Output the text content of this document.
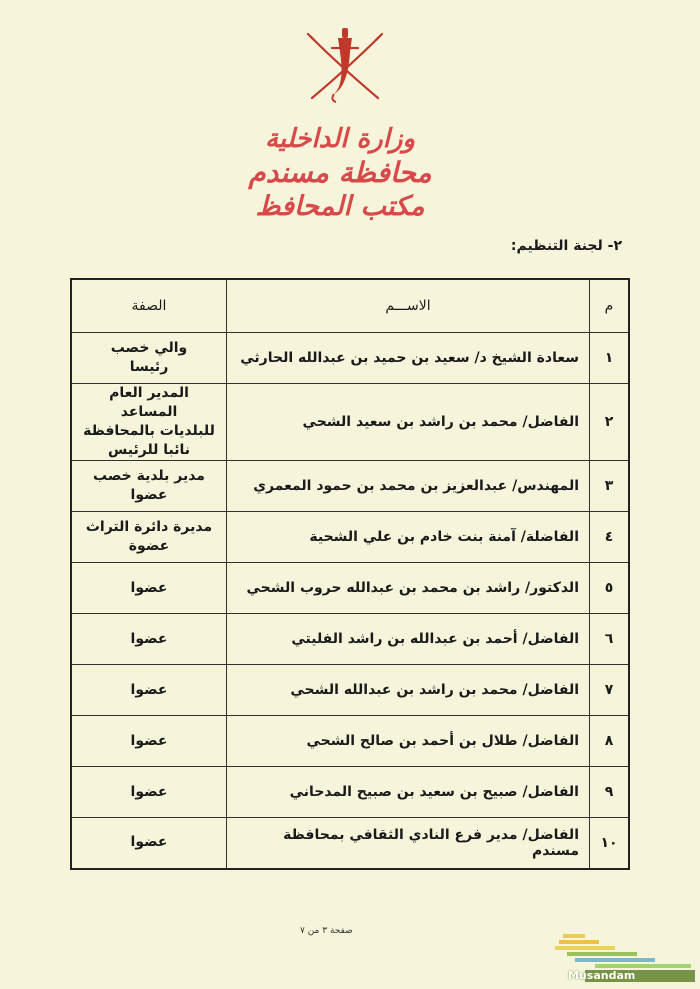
وزارة الداخلية
محافظة مسندم
مكتب المحافظ
٢- لجنة التنظيم:
م	الاســـم	الصفة
١	سعادة الشيخ د/ سعيد بن حميد بن عبدالله الحارثي	والي خصب
رئيسا

٢	الفاضل/ محمد بن راشد بن سعيد الشحي	المدير العام المساعد
للبلديات بالمحافظة
نائبا للرئيس

٣	المهندس/ عبدالعزيز بن محمد بن حمود المعمري	مدير بلدية خصب
عضوا

٤	الفاضلة/ آمنة بنت خادم بن علي الشحية	مديرة دائرة التراث
عضوة

٥	الدكتور/ راشد بن محمد بن عبدالله حروب الشحي	عضوا
٦	الفاضل/ أحمد بن عبدالله بن راشد الفليتي	عضوا
٧	الفاضل/ محمد بن راشد بن عبدالله الشحي	عضوا
٨	الفاضل/ طلال بن أحمد بن صالح الشحي	عضوا
٩	الفاضل/ صبيح بن سعيد بن صبيح المدحاني	عضوا
١٠	الفاضل/ مدير فرع النادي الثقافي بمحافظة مسندم	عضوا
صفحة ٣ من ٧
Musandam
